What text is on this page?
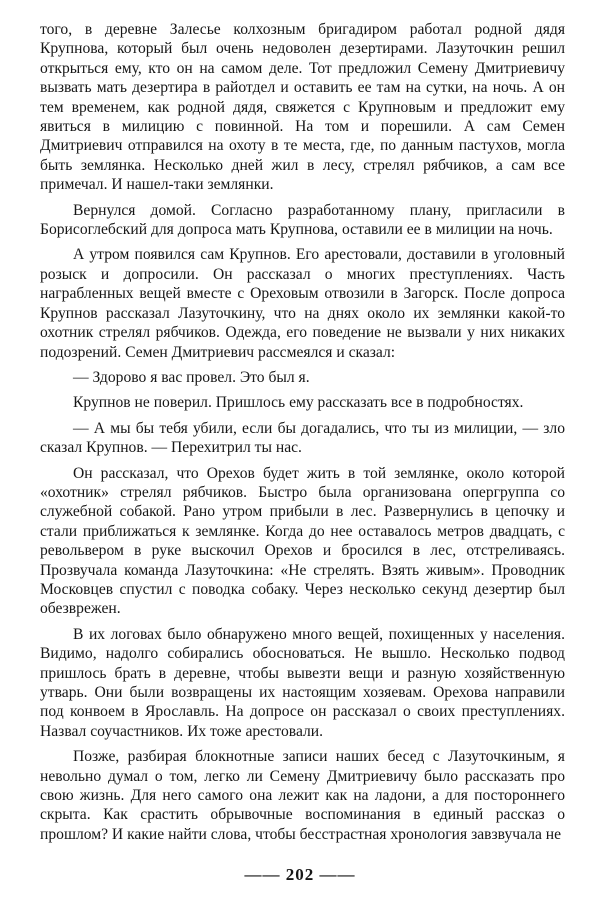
того, в деревне Залесье колхозным бригадиром работал родной дядя Крупнова, который был очень недоволен дезертирами. Лазуточкин решил открыться ему, кто он на самом деле. Тот предложил Семену Дмитриевичу вызвать мать дезертира в райотдел и оставить ее там на сутки, на ночь. А он тем временем, как родной дядя, свяжется с Крупновым и предложит ему явиться в милицию с повинной. На том и порешили. А сам Семен Дмитриевич отправился на охоту в те места, где, по данным пастухов, могла быть землянка. Несколько дней жил в лесу, стрелял рябчиков, а сам все примечал. И нашел-таки землянки.

Вернулся домой. Согласно разработанному плану, пригласили в Борисоглебский для допроса мать Крупнова, оставили ее в милиции на ночь.

А утром появился сам Крупнов. Его арестовали, доставили в уголовный розыск и допросили. Он рассказал о многих преступлениях. Часть награбленных вещей вместе с Ореховым отвозили в Загорск. После допроса Крупнов рассказал Лазуточкину, что на днях около их землянки какой-то охотник стрелял рябчиков. Одежда, его поведение не вызвали у них никаких подозрений. Семен Дмитриевич рассмеялся и сказал:

— Здорово я вас провел. Это был я.

Крупнов не поверил. Пришлось ему рассказать все в подробностях.

— А мы бы тебя убили, если бы догадались, что ты из милиции, — зло сказал Крупнов. — Перехитрил ты нас.

Он рассказал, что Орехов будет жить в той землянке, около которой «охотник» стрелял рябчиков. Быстро была организована опергруппа со служебной собакой. Рано утром прибыли в лес. Развернулись в цепочку и стали приближаться к землянке. Когда до нее оставалось метров двадцать, с револьвером в руке выскочил Орехов и бросился в лес, отстреливаясь. Прозвучала команда Лазуточкина: «Не стрелять. Взять живым». Проводник Московцев спустил с поводка собаку. Через несколько секунд дезертир был обезврежен.

В их логовах было обнаружено много вещей, похищенных у населения. Видимо, надолго собирались обосноваться. Не вышло. Несколько подвод пришлось брать в деревне, чтобы вывезти вещи и разную хозяйственную утварь. Они были возвращены их настоящим хозяевам. Орехова направили под конвоем в Ярославль. На допросе он рассказал о своих преступлениях. Назвал соучастников. Их тоже арестовали.

Позже, разбирая блокнотные записи наших бесед с Лазуточкиным, я невольно думал о том, легко ли Семену Дмитриевичу было рассказать про свою жизнь. Для него самого она лежит как на ладони, а для постороннего скрыта. Как срастить обрывочные воспоминания в единый рассказ о прошлом? И какие найти слова, чтобы бесстрастная хронология завзвучала не

—— 202 ——
